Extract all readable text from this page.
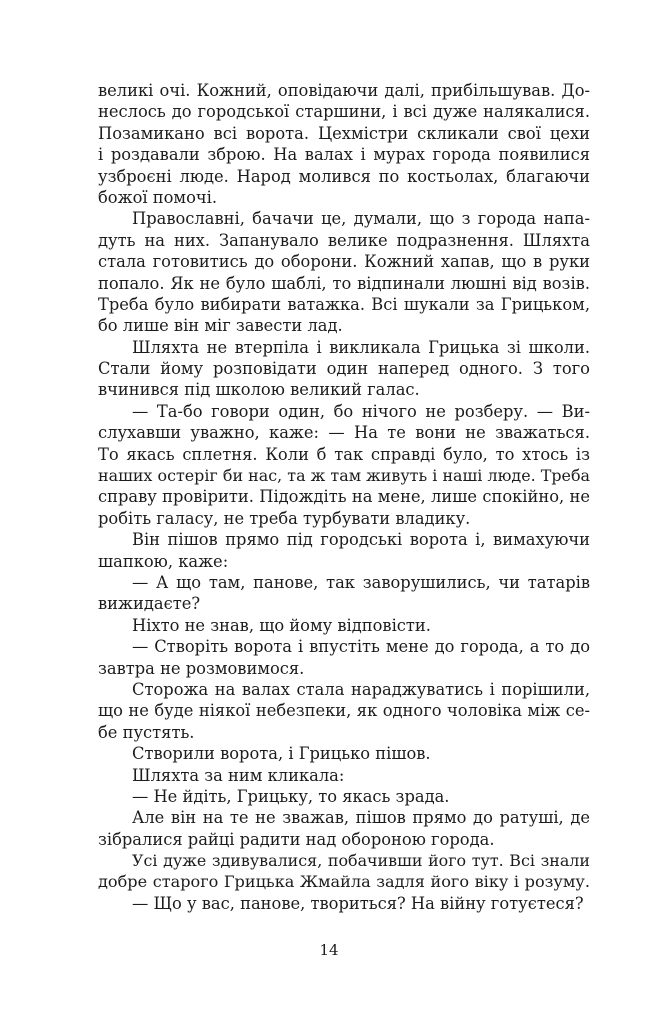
великі очі. Кожний, оповідаючи далі, прибільшував. До-
неслось до городської старшини, і всі дуже налякалися.
Позамикано всі ворота. Цехмістри скликали свої цехи
і роздавали зброю. На валах і мурах города появилися
узброєні люде. Народ молився по костьолах, благаючи
божої помочі.
Православні, бачачи це, думали, що з города напа-
дуть на них. Запанувало велике подразнення. Шляхта
стала готовитись до оборони. Кожний хапав, що в руки
попало. Як не було шаблі, то відпинали люшні від возів.
Треба було вибирати ватажка. Всі шукали за Грицьком,
бо лише він міг завести лад.
Шляхта не втерпіла і викликала Грицька зі школи.
Стали йому розповідати один наперед одного. З того
вчинився під школою великий галас.
— Та-бо говори один, бо нічого не розберу. — Ви-
слухавши уважно, каже: — На те вони не зважаться.
То якась сплетня. Коли б так справді було, то хтось із
наших остеріг би нас, та ж там живуть і наші люде. Треба
справу провірити. Підождіть на мене, лише спокійно, не
робіть галасу, не треба турбувати владику.
Він пішов прямо під городські ворота і, вимахуючи
шапкою, каже:
— А що там, панове, так заворушились, чи татарів
вижидаєте?
Ніхто не знав, що йому відповісти.
— Створіть ворота і впустіть мене до города, а то до
завтра не розмовимося.
Сторожа на валах стала нараджуватись і порішили,
що не буде ніякої небезпеки, як одного чоловіка між се-
бе пустять.
Створили ворота, і Грицько пішов.
Шляхта за ним кликала:
— Не йдіть, Грицьку, то якась зрада.
Але він на те не зважав, пішов прямо до ратуші, де
зібралися райці радити над обороною города.
Усі дуже здивувалися, побачивши його тут. Всі знали
добре старого Грицька Жмайла задля його віку і розуму.
— Що у вас, панове, твориться? На війну готуєтеся?
14
